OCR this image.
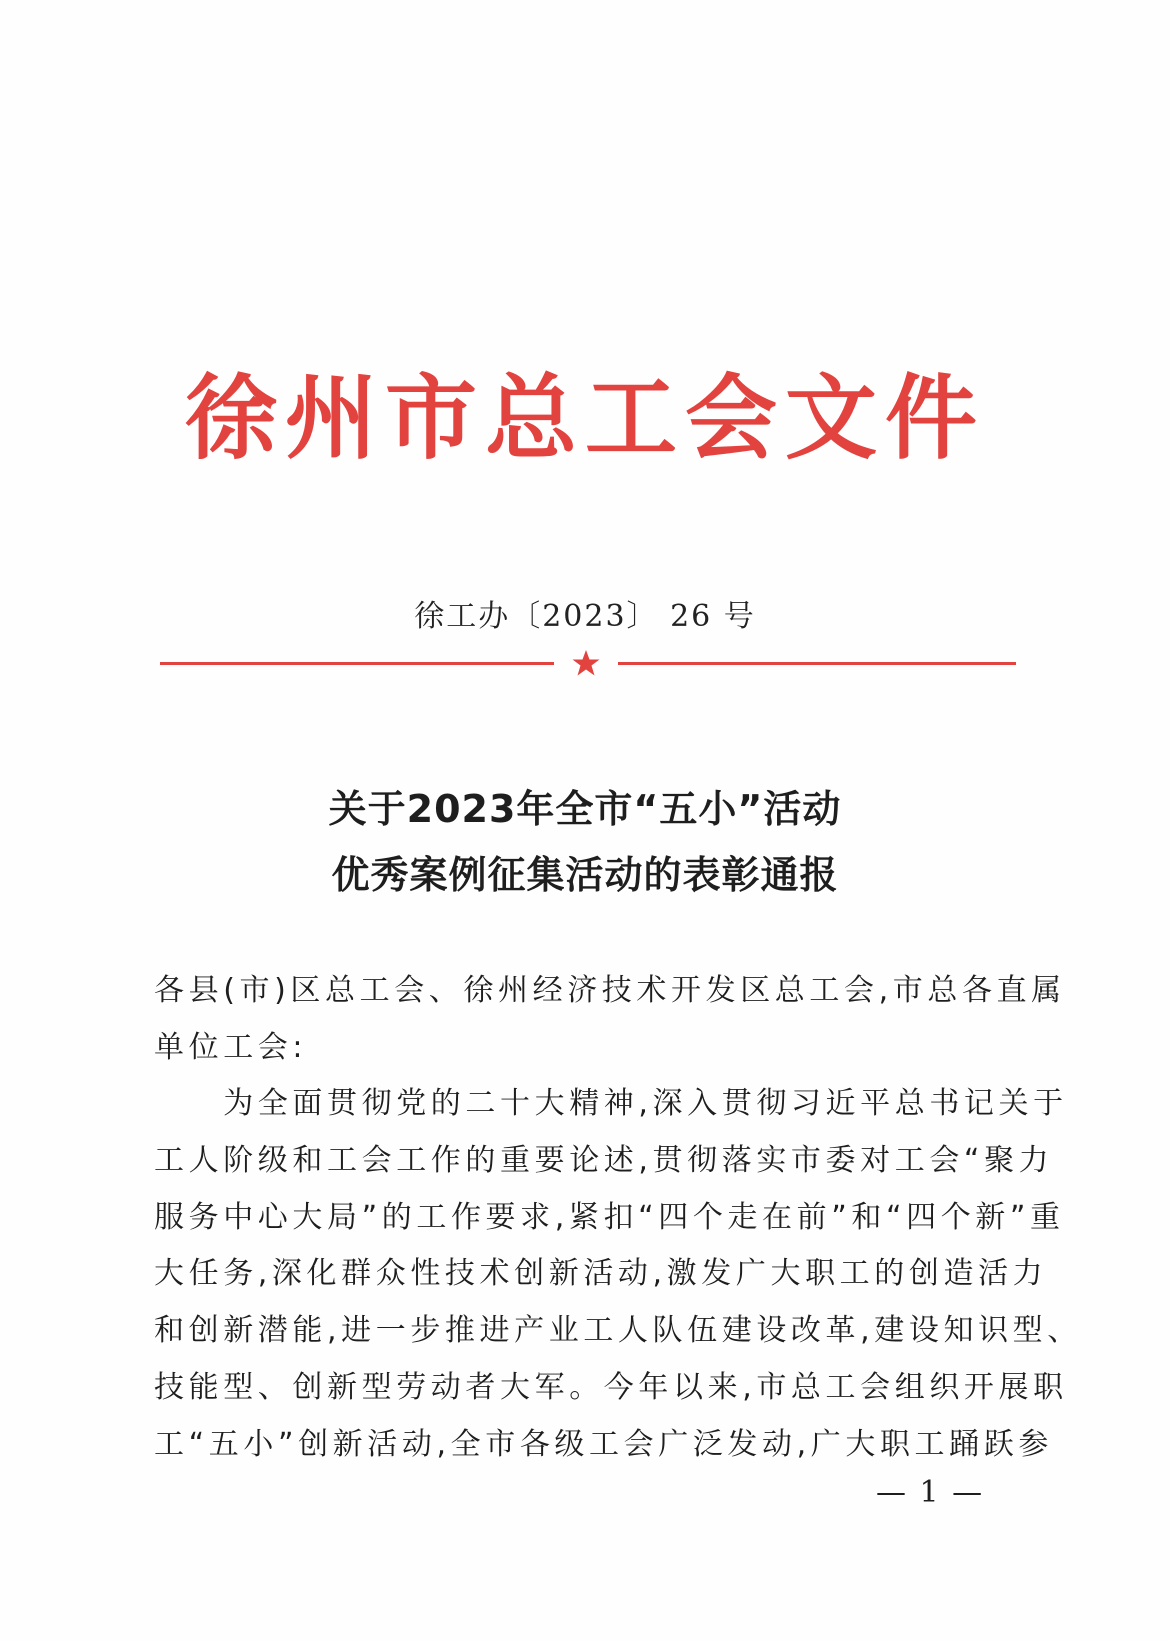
徐州市总工会文件
徐工办〔2023〕 26 号
关于2023年全市“五小”活动
优秀案例征集活动的表彰通报
各县(市)区总工会、徐州经济技术开发区总工会,市总各直属
单位工会:
　　为全面贯彻党的二十大精神,深入贯彻习近平总书记关于
工人阶级和工会工作的重要论述,贯彻落实市委对工会“聚力
服务中心大局”的工作要求,紧扣“四个走在前”和“四个新”重
大任务,深化群众性技术创新活动,激发广大职工的创造活力
和创新潜能,进一步推进产业工人队伍建设改革,建设知识型、
技能型、创新型劳动者大军。今年以来,市总工会组织开展职
工“五小”创新活动,全市各级工会广泛发动,广大职工踊跃参
— 1 —
